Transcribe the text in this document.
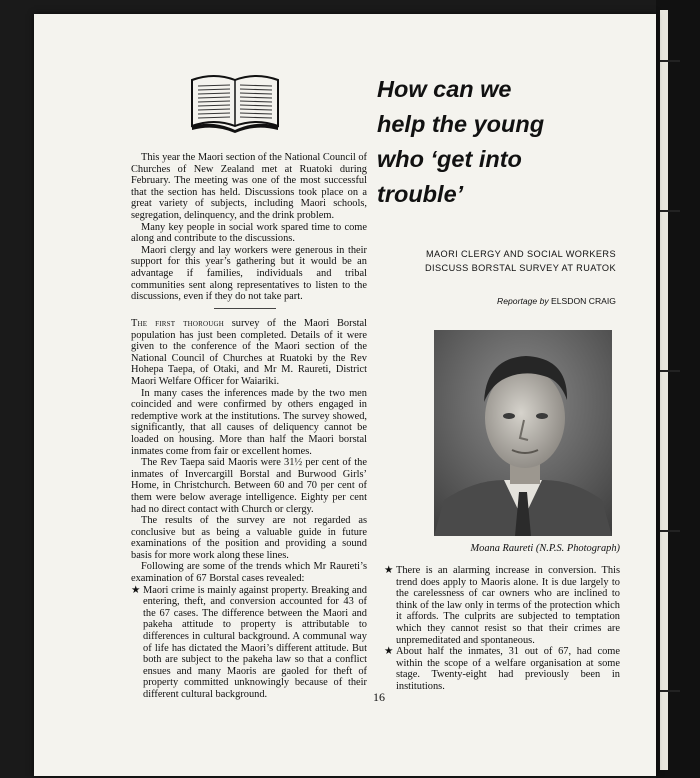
How can we
help the young
who ‘get into
trouble’
MAORI CLERGY AND SOCIAL WORKERS
DISCUSS BORSTAL SURVEY AT RUATOK
Reportage by ELSDON CRAIG

This year the Maori section of the National Council of Churches of New Zealand met at Ruatoki during February. The meeting was one of the most successful that the section has held. Discussions took place on a great variety of subjects, including Maori schools, segregation, delinquency, and the drink problem.

Many key people in social work spared time to come along and contribute to the discussions.

Maori clergy and lay workers were generous in their support for this year’s gathering but it would be an advantage if families, individuals and tribal communities sent along representatives to listen to the discussions, even if they do not take part.

The first thorough survey of the Maori Borstal population has just been completed. Details of it were given to the conference of the Maori section of the National Council of Churches at Ruatoki by the Rev Hohepa Taepa, of Otaki, and Mr M. Raureti, District Maori Welfare Officer for Waiariki.

In many cases the inferences made by the two men coincided and were confirmed by others engaged in redemptive work at the institutions. The survey showed, significantly, that all causes of deliquency cannot be loaded on housing. More than half the Maori borstal inmates come from fair or excellent homes.

The Rev Taepa said Maoris were 31½ per cent of the inmates of Invercargill Borstal and Burwood Girls’ Home, in Christchurch. Between 60 and 70 per cent of them were below average intelligence. Eighty per cent had no direct contact with Church or clergy.

The results of the survey are not regarded as conclusive but as being a valuable guide in future examinations of the position and providing a sound basis for more work along these lines.

Following are some of the trends which Mr Raureti’s examination of 67 Borstal cases revealed:

★ Maori crime is mainly against property. Breaking and entering, theft, and conversion accounted for 43 of the 67 cases. The difference between the Maori and pakeha attitude to property is attributable to differences in cultural background. A communal way of life has dictated the Maori’s different attitude. But both are subject to the pakeha law so that a conflict ensues and many Maoris are gaoled for theft of property committed unknowingly because of their different cultural background.

Moana Raureti (N.P.S. Photograph)

★ There is an alarming increase in conversion. This trend does apply to Maoris alone. It is due largely to the carelessness of car owners who are inclined to think of the law only in terms of the protection which it affords. The culprits are subjected to temptation which they cannot resist so that their crimes are unpremeditated and spontaneous.

★ About half the inmates, 31 out of 67, had come within the scope of a welfare organisation at some stage. Twenty-eight had previously been in institutions.

16
